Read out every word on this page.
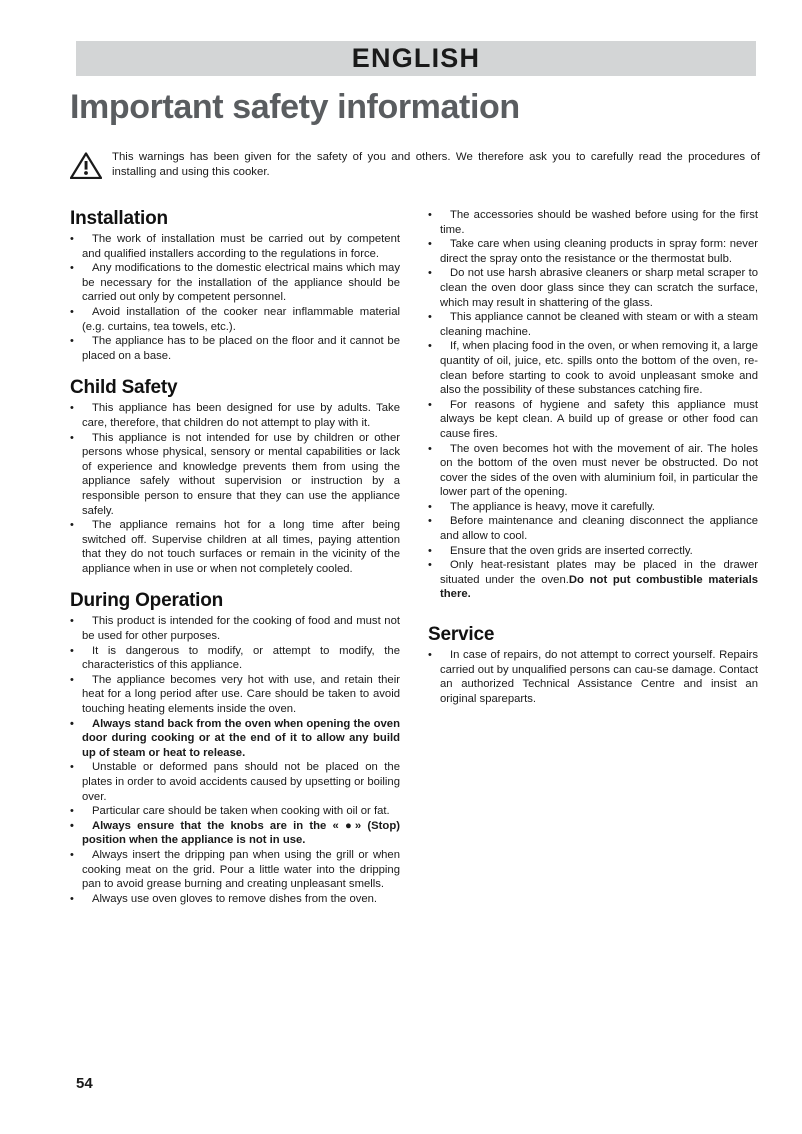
ENGLISH
Important safety information
This warnings has been given for the safety of you and others. We therefore ask you to carefully read the procedures of installing and using this cooker.
Installation
• The work of installation must be carried out by competent and qualified installers according to the regulations in force.
• Any modifications to the domestic electrical mains which may be necessary for the installation of the appliance should be carried out only by competent personnel.
• Avoid installation of the cooker near inflammable material (e.g. curtains, tea towels, etc.).
• The appliance has to be placed on the floor and it cannot be placed on a base.
Child Safety
• This appliance has been designed for use by adults. Take care, therefore, that children do not attempt to play with it.
• This appliance is not intended for use by children or other persons whose physical, sensory or mental capabilities or lack of experience and knowledge prevents them from using the appliance safely without supervision or instruction by a responsible person to ensure that they can use the appliance safely.
• The appliance remains hot for a long time after being switched off. Supervise children at all times, paying attention that they do not touch surfaces or remain in the vicinity of the appliance when in use or when not completely cooled.
During Operation
• This product is intended for the cooking of food and must not be used for other purposes.
• It is dangerous to modify, or attempt to modify, the characteristics of this appliance.
• The appliance becomes very hot with use, and retain their heat for a long period after use. Care should be taken to avoid touching heating elements inside the oven.
• Always stand back from the oven when opening the oven door during cooking or at the end of it to allow any build up of steam or heat to release.
• Unstable or deformed pans should not be placed on the plates in order to avoid accidents caused by upsetting or boiling over.
• Particular care should be taken when cooking with oil or fat.
• Always ensure that the knobs are in the « ●» (Stop) position when the appliance is not in use.
• Always insert the dripping pan when using the grill or when cooking meat on the grid. Pour a little water into the dripping pan to avoid grease burning and creating unpleasant smells.
• Always use oven gloves to remove dishes from the oven.
• The accessories should be washed before using for the first time.
• Take care when using cleaning products in spray form: never direct the spray onto the resistance or the thermostat bulb.
• Do not use harsh abrasive cleaners or sharp metal scraper to clean the oven door glass since they can scratch the surface, which may result in shattering of the glass.
• This appliance cannot be cleaned with steam or with a steam cleaning machine.
• If, when placing food in the oven, or when removing it, a large quantity of oil, juice, etc. spills onto the bottom of the oven, re-clean before starting to cook to avoid unpleasant smoke and also the possibility of these substances catching fire.
• For reasons of hygiene and safety this appliance must always be kept clean. A build up of grease or other food can cause fires.
• The oven becomes hot with the movement of air. The holes on the bottom of the oven must never be obstructed. Do not cover the sides of the oven with aluminium foil, in particular the lower part of the opening.
• The appliance is heavy, move it carefully.
• Before maintenance and cleaning disconnect the appliance and allow to cool.
• Ensure that the oven grids are inserted correctly.
• Only heat-resistant plates may be placed in the drawer situated under the oven.Do not put combustible materials there.
Service
• In case of repairs, do not attempt to correct yourself. Repairs carried out by unqualified persons can cau-se damage. Contact an authorized Technical Assistance Centre and insist an original spareparts.
54
